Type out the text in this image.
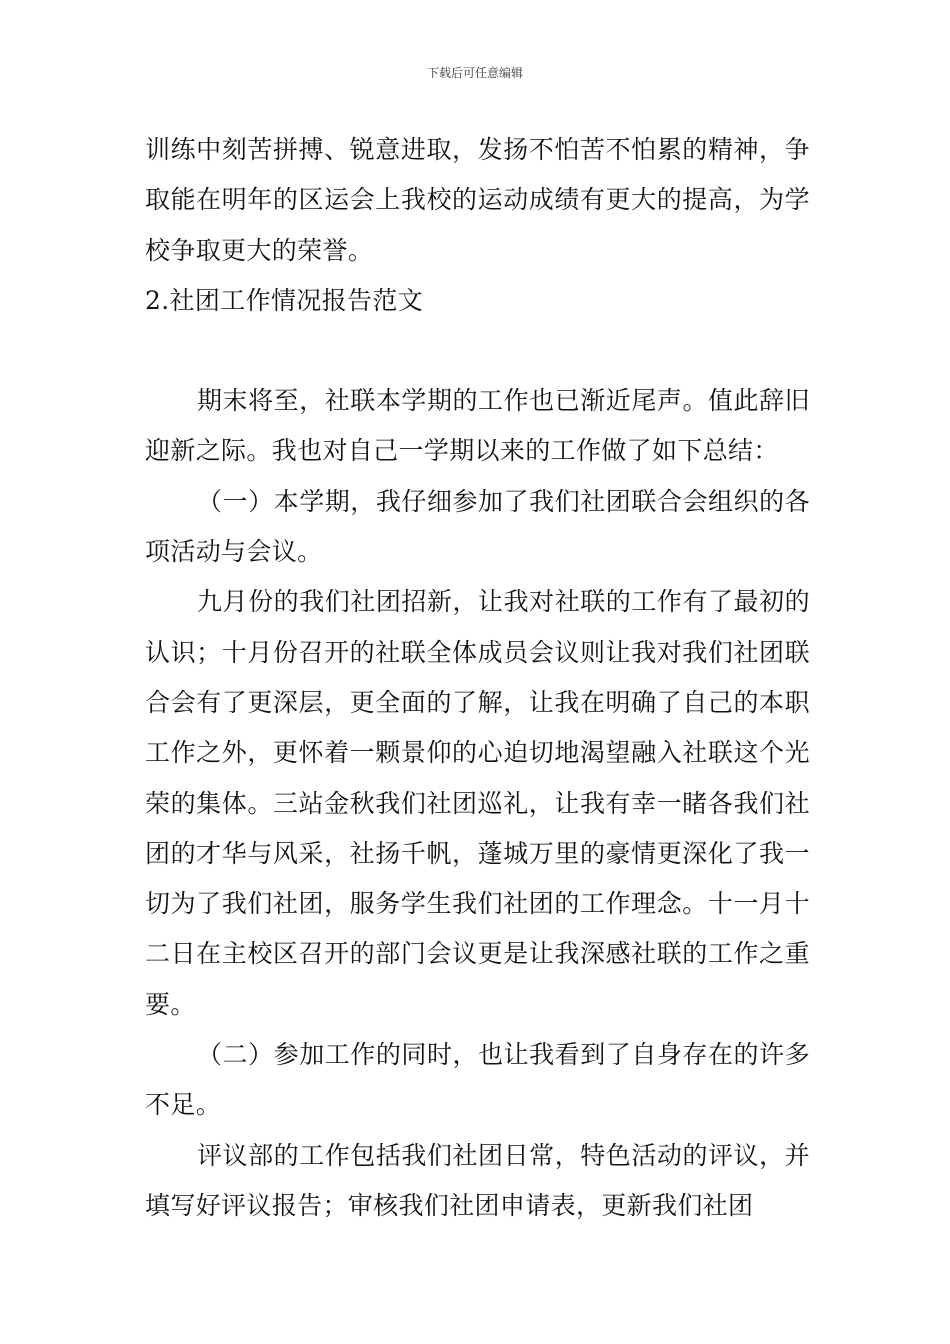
下载后可任意编辑

训练中刻苦拼搏、锐意进取，发扬不怕苦不怕累的精神，争取能在明年的区运会上我校的运动成绩有更大的提高，为学校争取更大的荣誉。

2.社团工作情况报告范文

期末将至，社联本学期的工作也已渐近尾声。值此辞旧迎新之际。我也对自己一学期以来的工作做了如下总结：

（一）本学期，我仔细参加了我们社团联合会组织的各项活动与会议。

九月份的我们社团招新，让我对社联的工作有了最初的认识；十月份召开的社联全体成员会议则让我对我们社团联合会有了更深层，更全面的了解，让我在明确了自己的本职工作之外，更怀着一颗景仰的心迫切地渴望融入社联这个光荣的集体。三站金秋我们社团巡礼，让我有幸一睹各我们社团的才华与风采，社扬千帆，蓬城万里的豪情更深化了我一切为了我们社团，服务学生我们社团的工作理念。十一月十二日在主校区召开的部门会议更是让我深感社联的工作之重要。

（二）参加工作的同时，也让我看到了自身存在的许多不足。

评议部的工作包括我们社团日常，特色活动的评议，并填写好评议报告；审核我们社团申请表，更新我们社团
